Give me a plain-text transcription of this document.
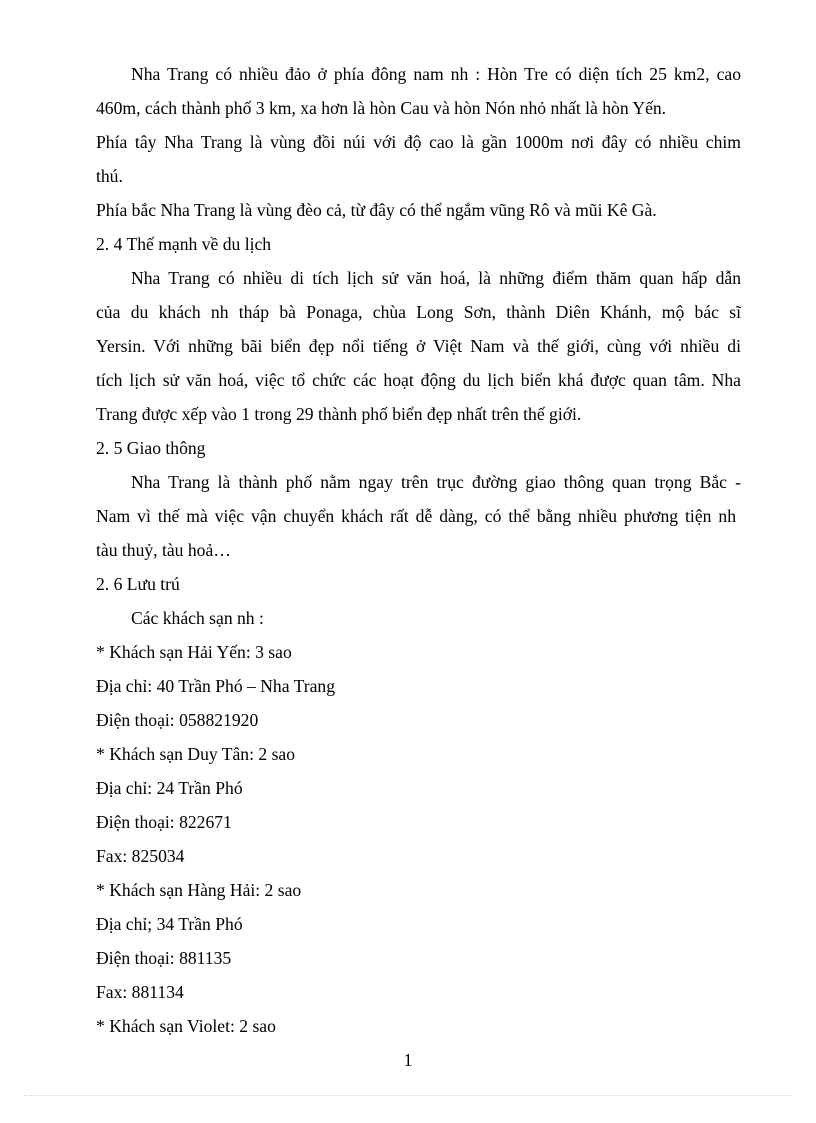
Nha Trang có nhiều đảo ở phía đông nam nh : Hòn Tre có diện tích 25 km2, cao
460m, cách thành phố 3 km, xa hơn là hòn Cau và hòn Nón nhỏ nhất là hòn Yến.
Phía tây Nha Trang là vùng đồi núi với độ cao là gần 1000m nơi đây có nhiều chim
thú.
Phía bắc Nha Trang là vùng đèo cả, từ đây có thể ngắm vũng Rô và mũi Kê Gà.
2. 4 Thế mạnh về du lịch
Nha Trang có nhiều di tích lịch sử văn hoá, là những điểm thăm quan hấp dẫn
của du khách nh tháp bà Ponaga, chùa Long Sơn, thành Diên Khánh, mộ bác sĩ
Yersin. Với những bãi biển đẹp nổi tiếng ở Việt Nam và thế giới, cùng với nhiều di
tích lịch sử văn hoá, việc tổ chức các hoạt động du lịch biển khá được quan tâm. Nha
Trang được xếp vào 1 trong 29 thành phố biển đẹp nhất trên thế giới.
2. 5 Giao thông
Nha Trang là thành phố nằm ngay trên trục đường giao thông quan trọng Bắc -
Nam vì thế mà việc vận chuyển khách rất dễ dàng, có thể bằng nhiều phương tiện nh
tàu thuỷ, tàu hoả…
2. 6 Lưu trú
Các khách sạn nh :
* Khách sạn Hải Yến: 3 sao
Địa chỉ: 40 Trần Phó – Nha Trang
Điện thoại: 058821920
* Khách sạn Duy Tân: 2 sao
Địa chỉ: 24 Trần Phó
Điện thoại: 822671
Fax: 825034
* Khách sạn Hàng Hải: 2 sao
Địa chỉ; 34 Trần Phó
Điện thoại: 881135
Fax: 881134
* Khách sạn Violet: 2 sao
1
